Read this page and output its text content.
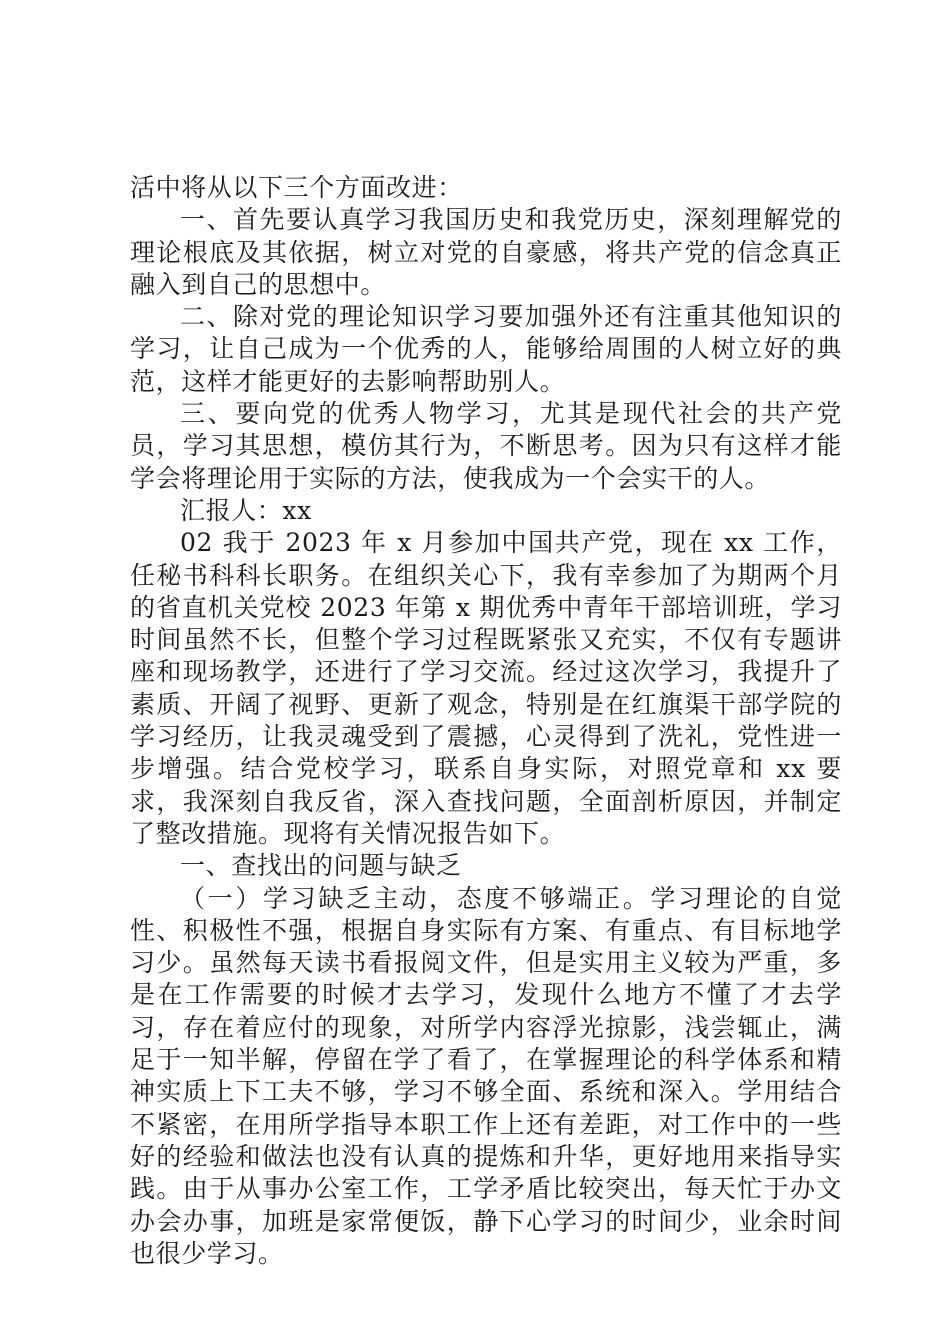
活中将从以下三个方面改进：

一、首先要认真学习我国历史和我党历史，深刻理解党的理论根底及其依据，树立对党的自豪感，将共产党的信念真正融入到自己的思想中。

二、除对党的理论知识学习要加强外还有注重其他知识的学习，让自己成为一个优秀的人，能够给周围的人树立好的典范，这样才能更好的去影响帮助别人。

三、要向党的优秀人物学习，尤其是现代社会的共产党员，学习其思想，模仿其行为，不断思考。因为只有这样才能学会将理论用于实际的方法，使我成为一个会实干的人。

汇报人：xx

02 我于 2023 年 x 月参加中国共产党，现在 xx 工作，任秘书科科长职务。在组织关心下，我有幸参加了为期两个月的省直机关党校 2023 年第 x 期优秀中青年干部培训班，学习时间虽然不长，但整个学习过程既紧张又充实，不仅有专题讲座和现场教学，还进行了学习交流。经过这次学习，我提升了素质、开阔了视野、更新了观念，特别是在红旗渠干部学院的学习经历，让我灵魂受到了震撼，心灵得到了洗礼，党性进一步增强。结合党校学习，联系自身实际，对照党章和 xx 要求，我深刻自我反省，深入查找问题，全面剖析原因，并制定了整改措施。现将有关情况报告如下。

一、查找出的问题与缺乏

（一）学习缺乏主动，态度不够端正。学习理论的自觉性、积极性不强，根据自身实际有方案、有重点、有目标地学习少。虽然每天读书看报阅文件，但是实用主义较为严重，多是在工作需要的时候才去学习，发现什么地方不懂了才去学习，存在着应付的现象，对所学内容浮光掠影，浅尝辄止，满足于一知半解，停留在学了看了，在掌握理论的科学体系和精神实质上下工夫不够，学习不够全面、系统和深入。学用结合不紧密，在用所学指导本职工作上还有差距，对工作中的一些好的经验和做法也没有认真的提炼和升华，更好地用来指导实践。由于从事办公室工作，工学矛盾比较突出，每天忙于办文办会办事，加班是家常便饭，静下心学习的时间少，业余时间也很少学习。
